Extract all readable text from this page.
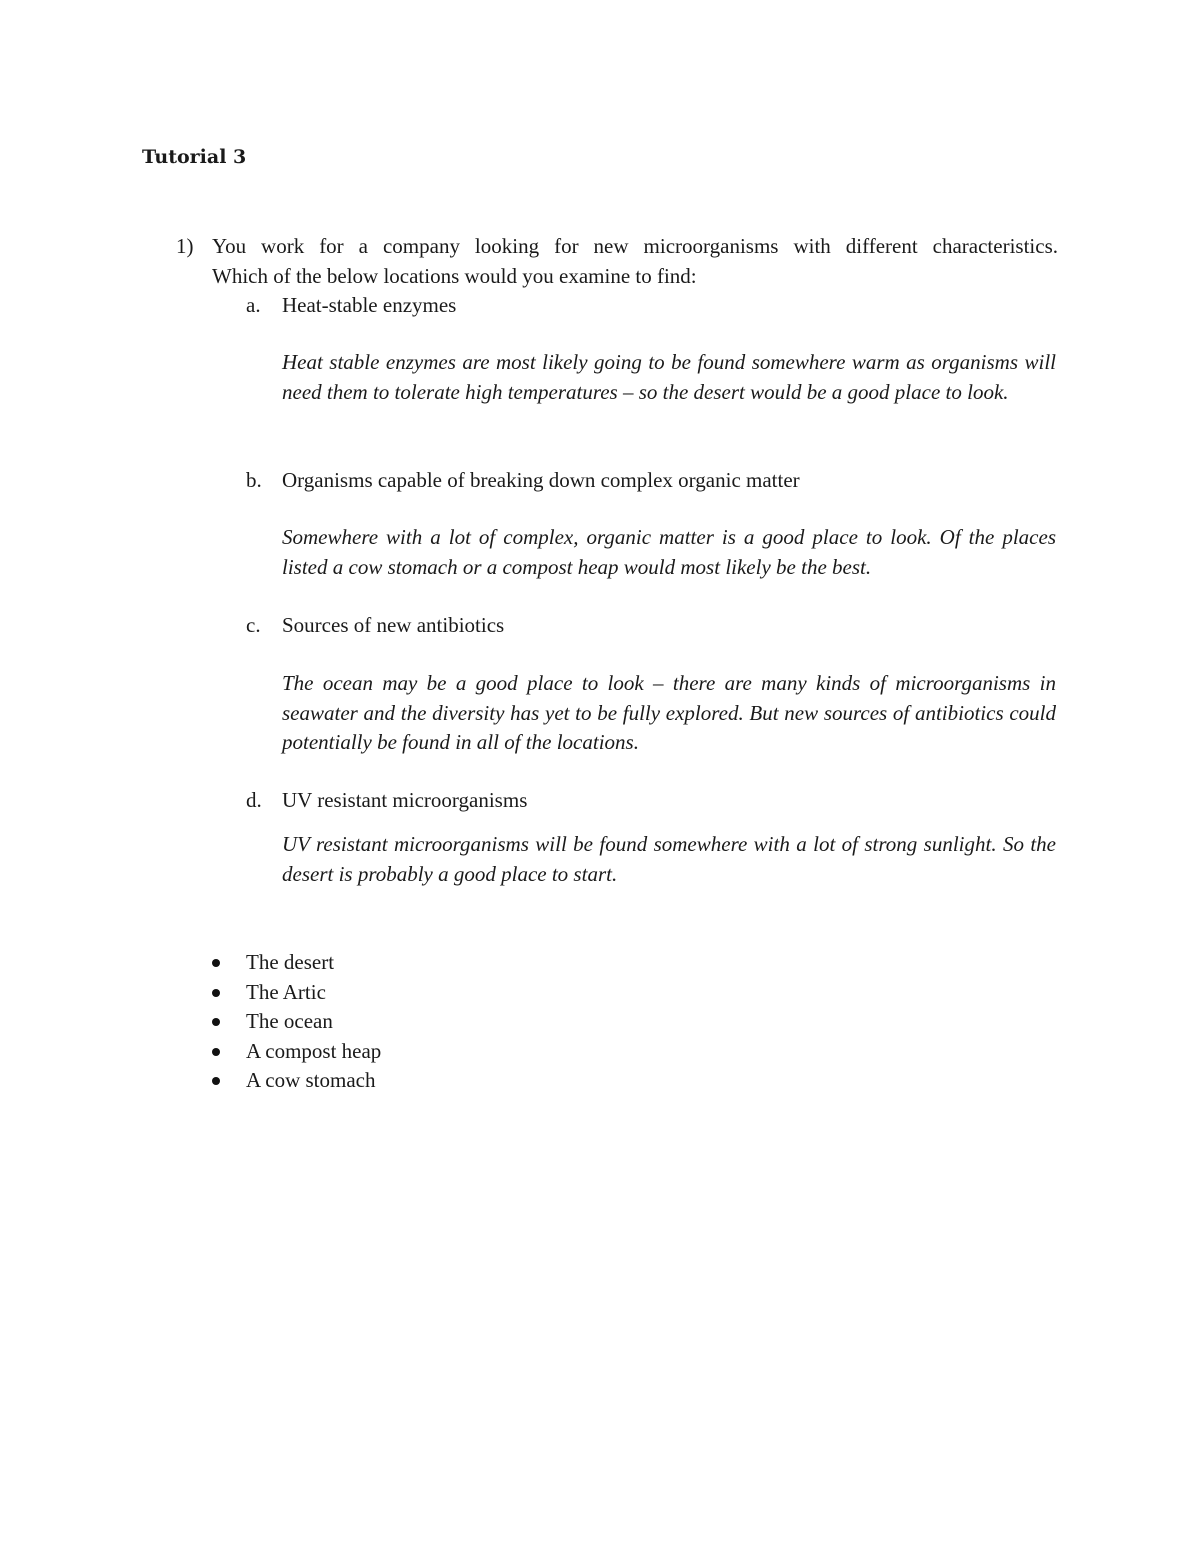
Tutorial 3
1) You work for a company looking for new microorganisms with different characteristics.
Which of the below locations would you examine to find:
a. Heat-stable enzymes

Heat stable enzymes are most likely going to be found somewhere warm as organisms will need them to tolerate high temperatures – so the desert would be a good place to look.

b. Organisms capable of breaking down complex organic matter

Somewhere with a lot of complex, organic matter is a good place to look. Of the places listed a cow stomach or a compost heap would most likely be the best.

c. Sources of new antibiotics

The ocean may be a good place to look – there are many kinds of microorganisms in seawater and the diversity has yet to be fully explored. But new sources of antibiotics could potentially be found in all of the locations.

d. UV resistant microorganisms

UV resistant microorganisms will be found somewhere with a lot of strong sunlight. So the desert is probably a good place to start.

The desert
The Artic
The ocean
A compost heap
A cow stomach
